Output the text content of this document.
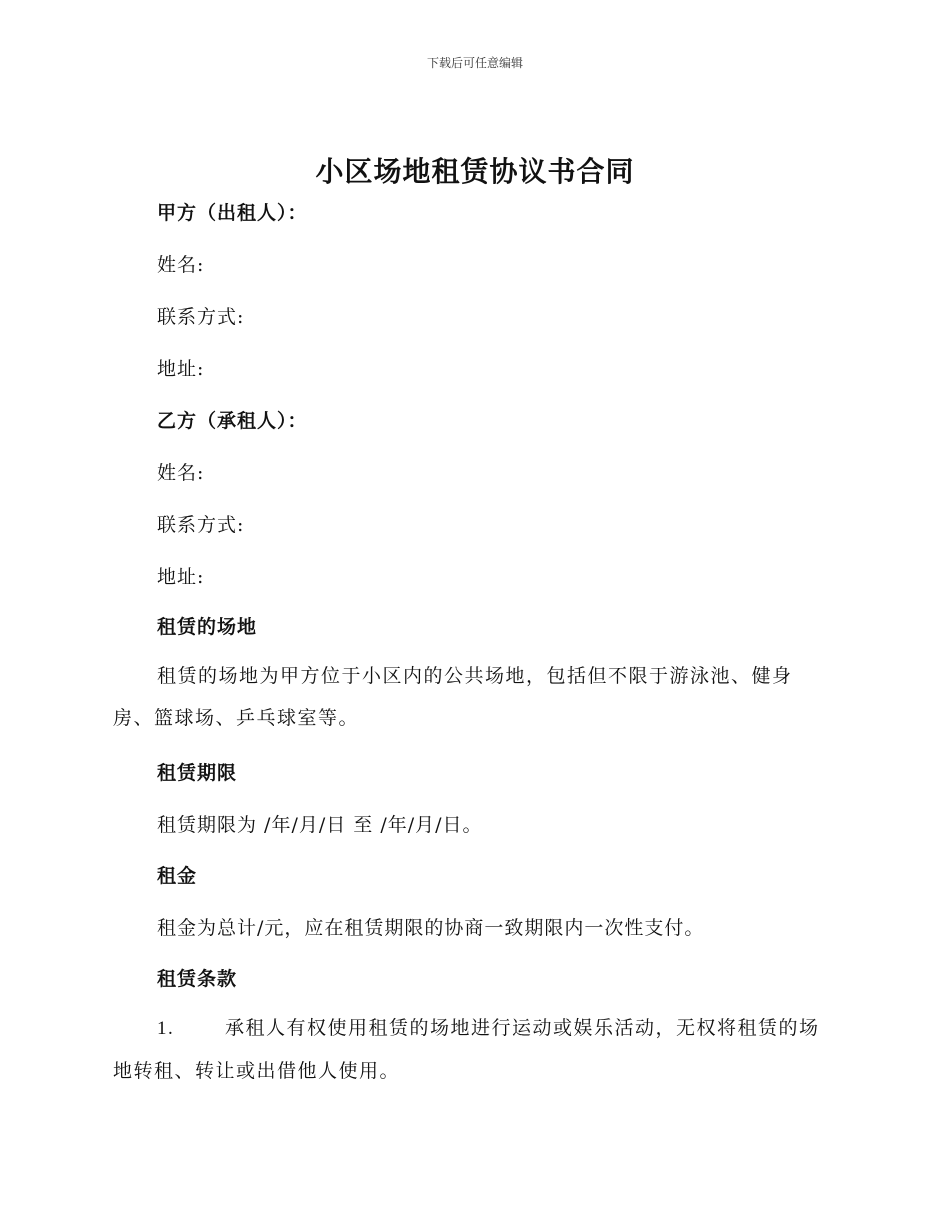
下载后可任意编辑
小区场地租赁协议书合同
甲方（出租人）：
姓名:
联系方式:
地址:
乙方（承租人）：
姓名:
联系方式:
地址:
租赁的场地
租赁的场地为甲方位于小区内的公共场地，包括但不限于游泳池、健身房、篮球场、乒乓球室等。
租赁期限
租赁期限为 /年/月/日 至 /年/月/日。
租金
租金为总计/元，应在租赁期限的协商一致期限内一次性支付。
租赁条款
1.	承租人有权使用租赁的场地进行运动或娱乐活动，无权将租赁的场地转租、转让或出借他人使用。
